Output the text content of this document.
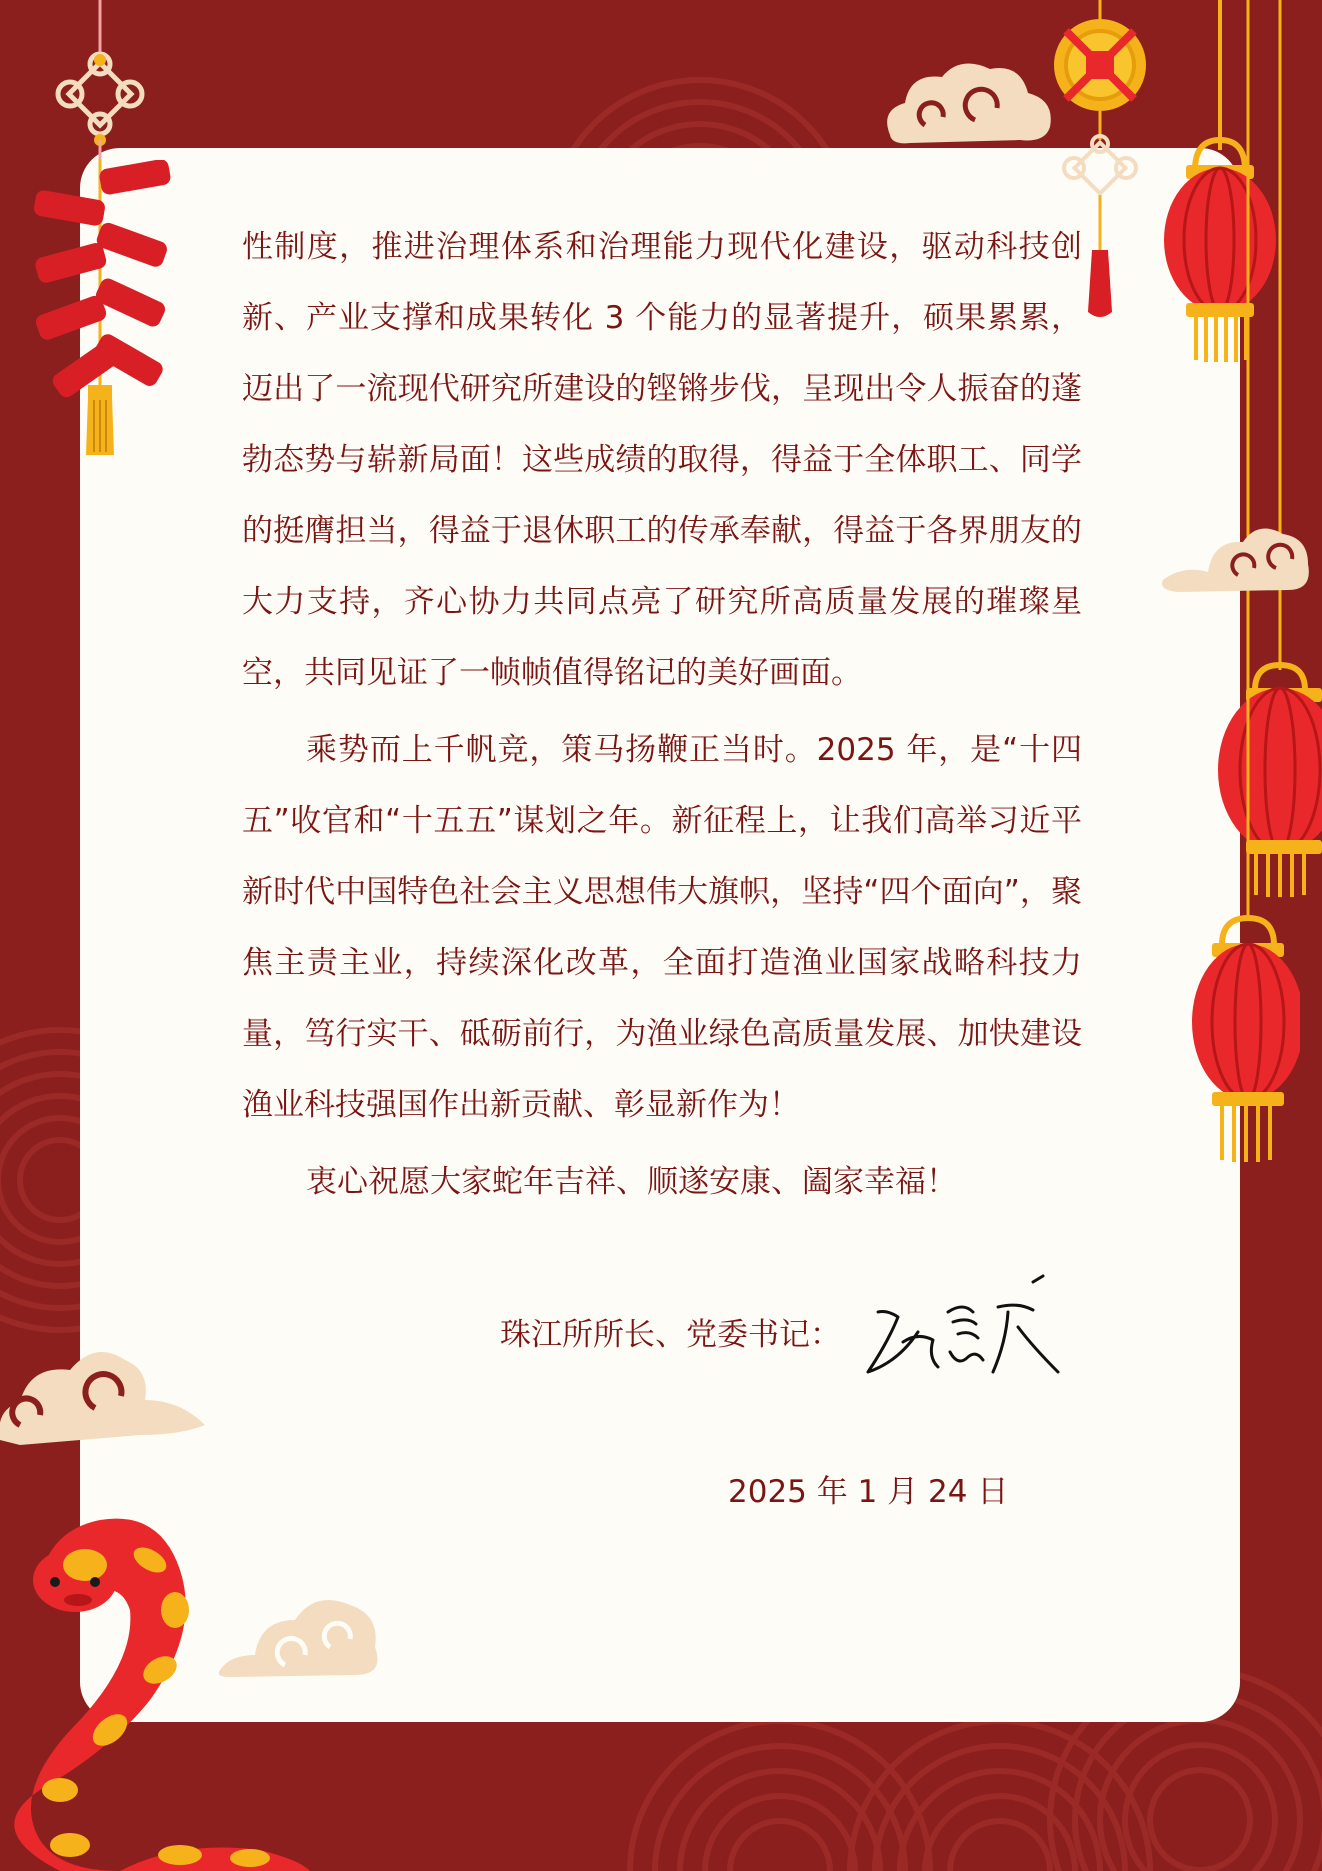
性制度，推进治理体系和治理能力现代化建设，驱动科技创新、产业支撑和成果转化 3 个能力的显著提升，硕果累累，迈出了一流现代研究所建设的铿锵步伐，呈现出令人振奋的蓬勃态势与崭新局面！这些成绩的取得，得益于全体职工、同学的挺膺担当，得益于退休职工的传承奉献，得益于各界朋友的大力支持，齐心协力共同点亮了研究所高质量发展的璀璨星空，共同见证了一帧帧值得铭记的美好画面。

乘势而上千帆竞，策马扬鞭正当时。2025 年，是“十四五”收官和“十五五”谋划之年。新征程上，让我们高举习近平新时代中国特色社会主义思想伟大旗帜，坚持“四个面向”，聚焦主责主业，持续深化改革，全面打造渔业国家战略科技力量，笃行实干、砥砺前行，为渔业绿色高质量发展、加快建设渔业科技强国作出新贡献、彰显新作为！

衷心祝愿大家蛇年吉祥、顺遂安康、阖家幸福！

珠江所所长、党委书记：
2025 年 1 月 24 日
